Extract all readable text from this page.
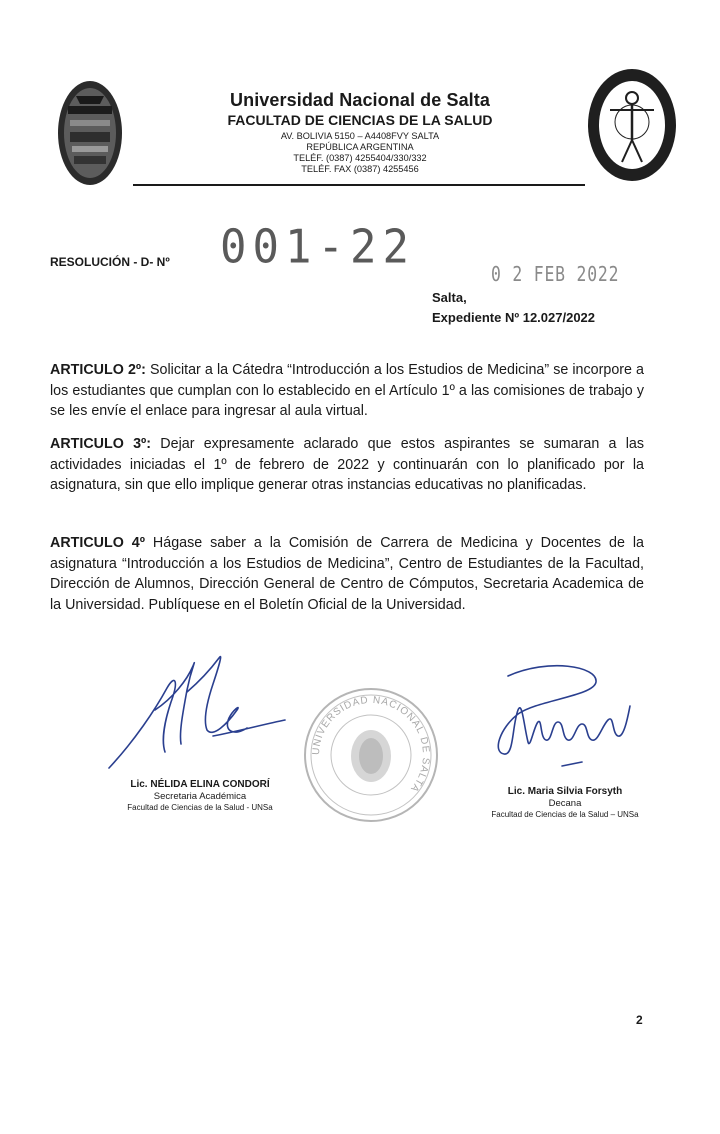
Universidad Nacional de Salta
FACULTAD DE CIENCIAS DE LA SALUD
AV. BOLIVIA 5150 – A4408FVY SALTA
REPÚBLICA ARGENTINA
TELÉF. (0387) 4255404/330/332
TELÉF. FAX (0387) 4255456
RESOLUCIÓN - D- Nº 001-22	0 2 FEB 2022
Salta,
Expediente Nº 12.027/2022
ARTICULO 2º: Solicitar a la Cátedra “Introducción a los Estudios de Medicina” se incorpore a los estudiantes que cumplan con lo establecido en el Artículo 1º a las comisiones de trabajo y se les envíe el enlace para ingresar al aula virtual.
ARTICULO 3º: Dejar expresamente aclarado que estos aspirantes se sumaran a las actividades iniciadas el 1º de febrero de 2022 y continuarán con lo planificado por la asignatura, sin que ello implique generar otras instancias educativas no planificadas.
ARTICULO 4º Hágase saber a la Comisión de Carrera de Medicina y Docentes de la asignatura “Introducción a los Estudios de Medicina”, Centro de Estudiantes de la Facultad, Dirección de Alumnos, Dirección General de Centro de Cómputos, Secretaria Academica de la Universidad. Publíquese en el Boletín Oficial de la Universidad.
UNIVERSIDAD NACIONAL DE SALTA
Lic. NÉLIDA ELINA CONDORÍ
Secretaria Académica
Facultad de Ciencias de la Salud - UNSa
Lic. Maria Silvia Forsyth
Decana
Facultad de Ciencias de la Salud – UNSa
2
